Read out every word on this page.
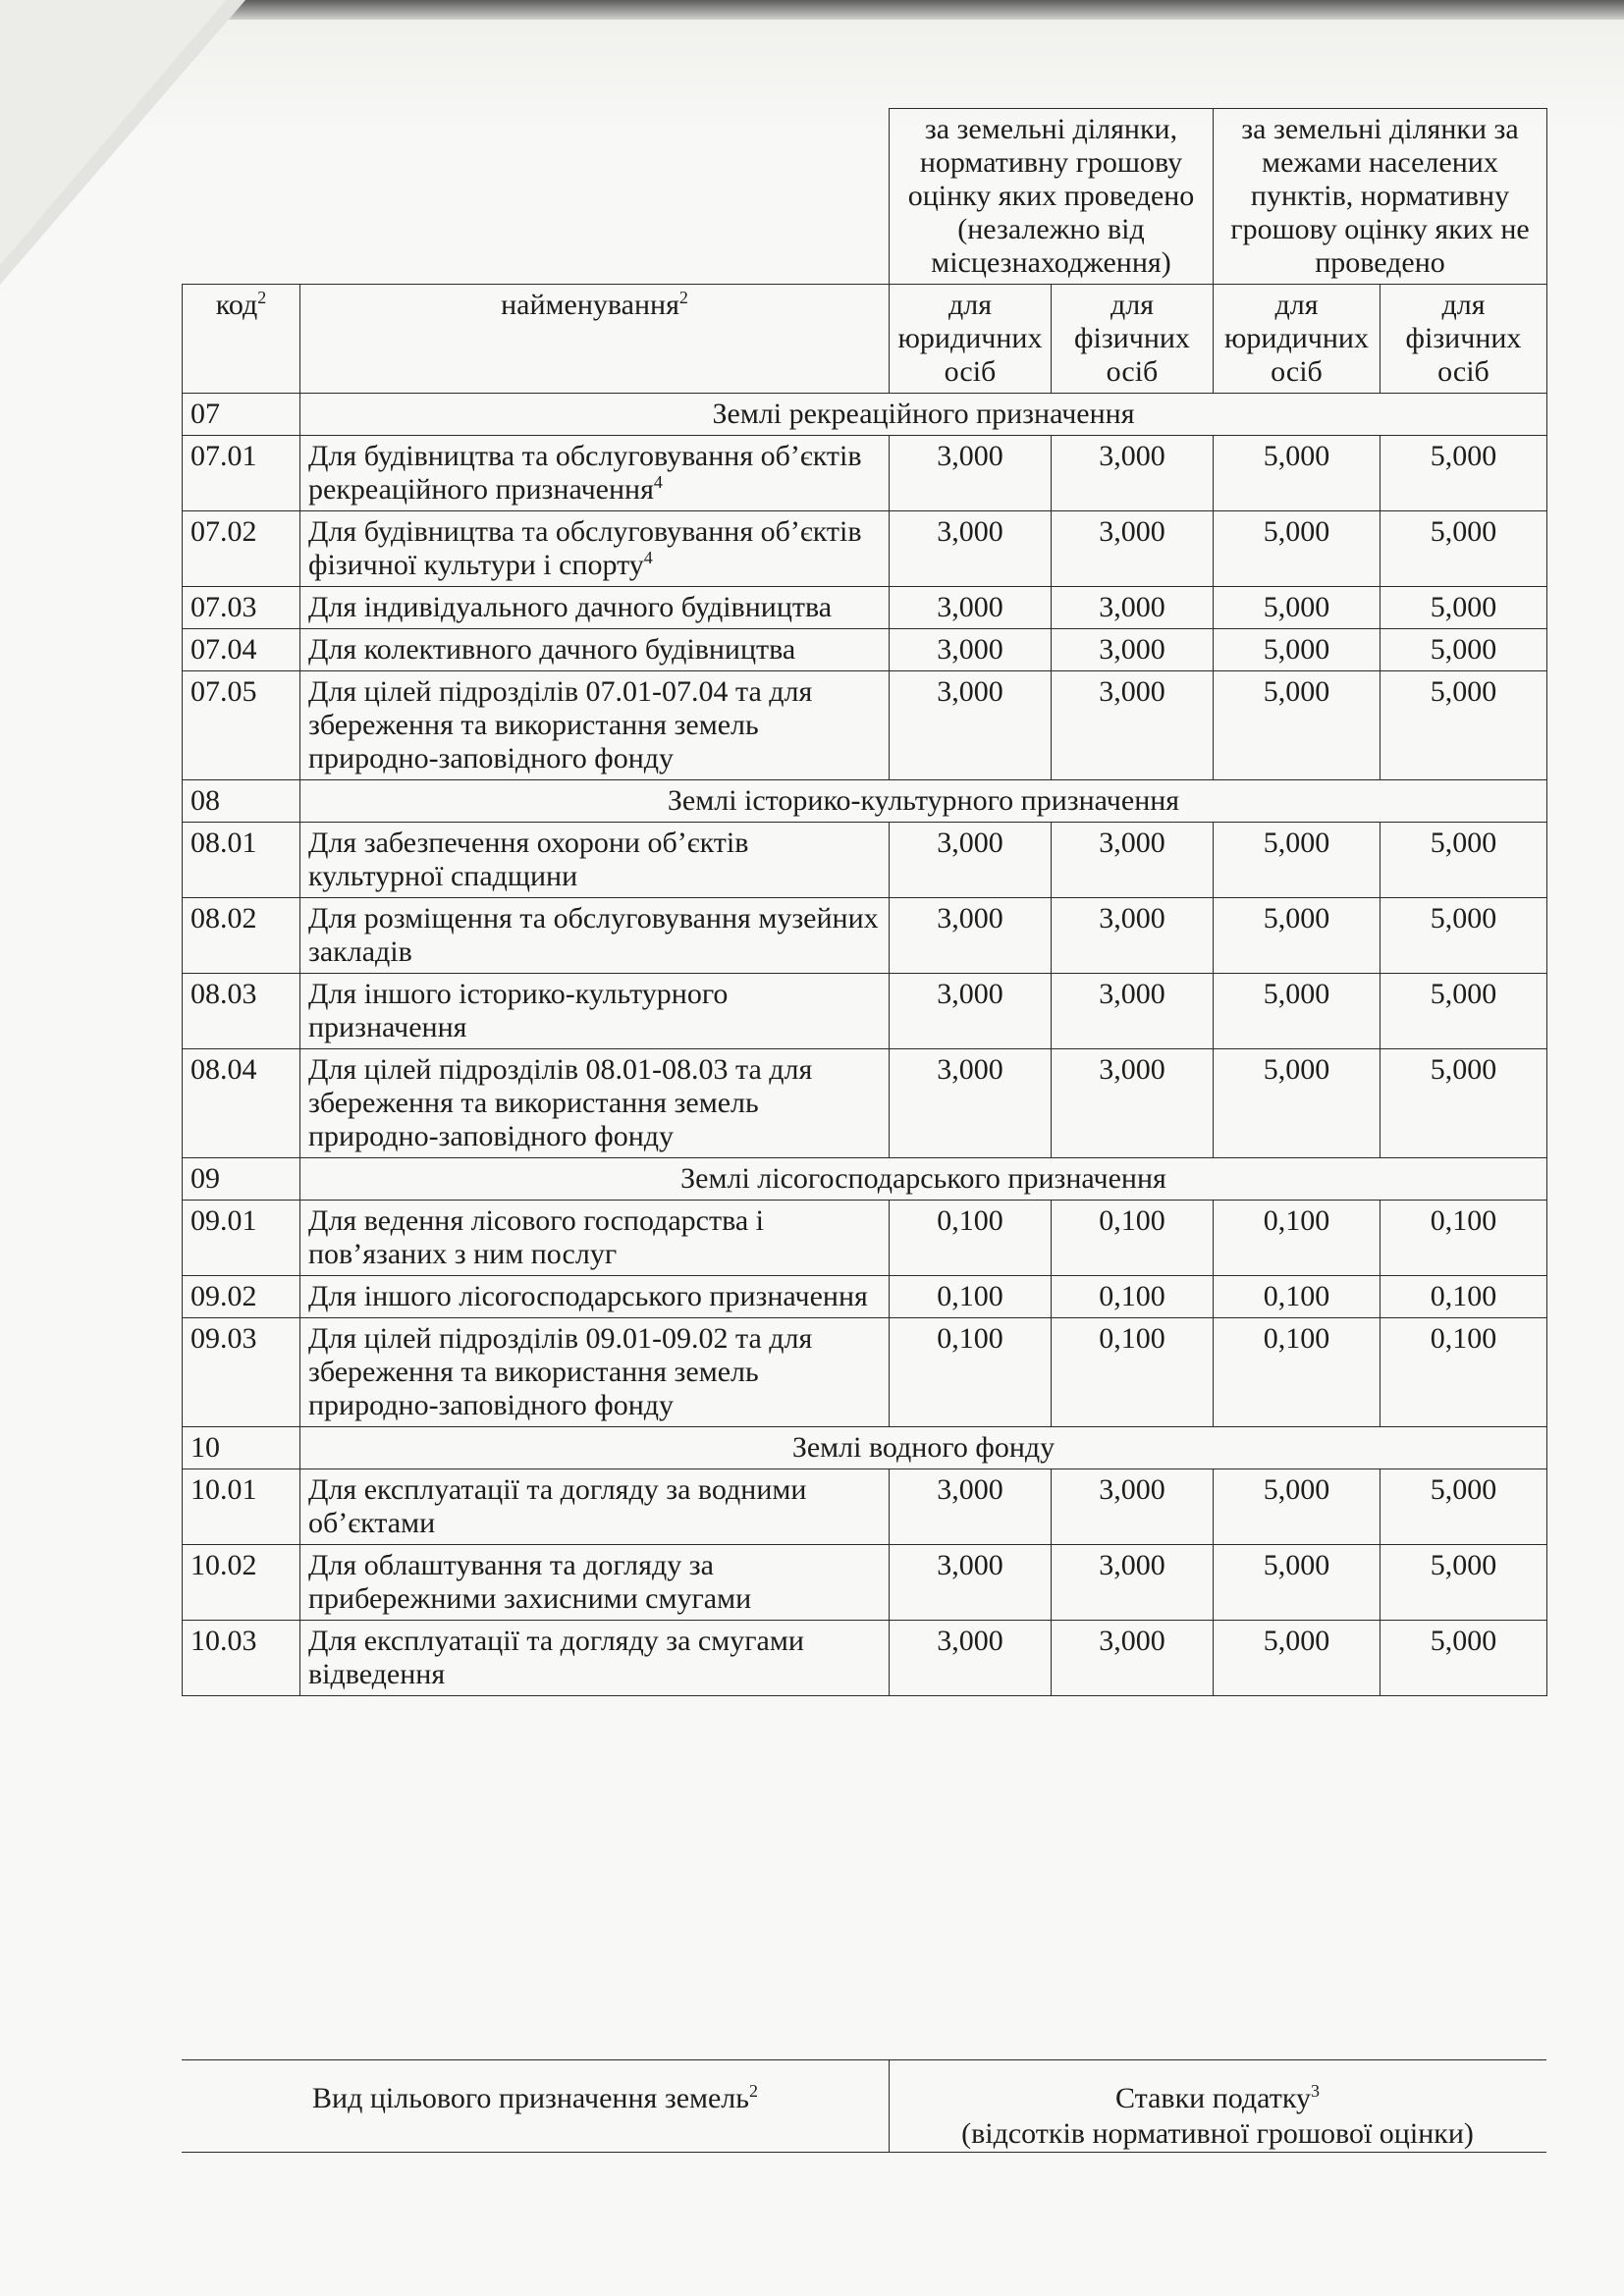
		за земельні ділянки, нормативну грошову оцінку яких проведено (незалежно від місцезнаходження)		за земельні ділянки за межами населених пунктів, нормативну грошову оцінку яких не проведено	
код$^2$	найменування$^2$	для юридичних осіб	для фізичних осіб	для юридичних осіб	для фізичних осіб
07	Землі рекреаційного призначення				
07.01	Для будівництва та обслуговування об’єктів рекреаційного призначення$^4$	3,000	3,000	5,000	5,000
07.02	Для будівництва та обслуговування об’єктів фізичної культури і спорту$^4$	3,000	3,000	5,000	5,000
07.03	Для індивідуального дачного будівництва	3,000	3,000	5,000	5,000
07.04	Для колективного дачного будівництва	3,000	3,000	5,000	5,000
07.05	Для цілей підрозділів 07.01-07.04 та для збереження та використання земель природно-заповідного фонду	3,000	3,000	5,000	5,000
08	Землі історико-культурного призначення				
08.01	Для забезпечення охорони об’єктів культурної спадщини	3,000	3,000	5,000	5,000
08.02	Для розміщення та обслуговування музейних закладів	3,000	3,000	5,000	5,000
08.03	Для іншого історико-культурного призначення	3,000	3,000	5,000	5,000
08.04	Для цілей підрозділів 08.01-08.03 та для збереження та використання земель природно-заповідного фонду	3,000	3,000	5,000	5,000
09	Землі лісогосподарського призначення				
09.01	Для ведення лісового господарства і пов’язаних з ним послуг	0,100	0,100	0,100	0,100
09.02	Для іншого лісогосподарського призначення	0,100	0,100	0,100	0,100
09.03	Для цілей підрозділів 09.01-09.02 та для збереження та використання земель природно-заповідного фонду	0,100	0,100	0,100	0,100
10	Землі водного фонду				
10.01	Для експлуатації та догляду за водними об’єктами	3,000	3,000	5,000	5,000
10.02	Для облаштування та догляду за прибережними захисними смугами	3,000	3,000	5,000	5,000
10.03	Для експлуатації та догляду за смугами відведення	3,000	3,000	5,000	5,000
Вид цільового призначення земель$^2$	Ставки податку$^3$
(відсотків нормативної грошової оцінки)
